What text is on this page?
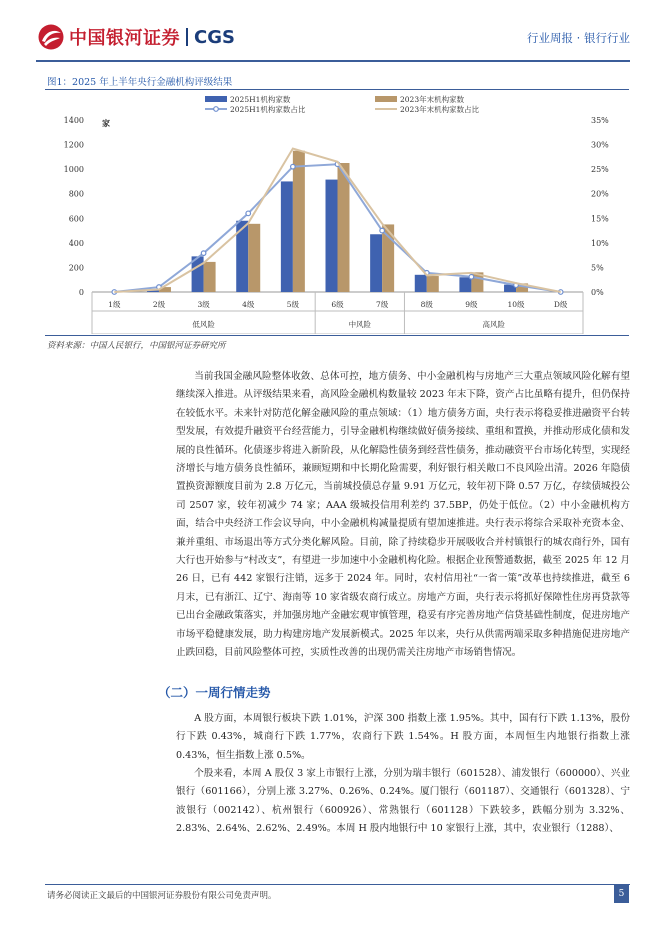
中国银河证券 CGS	行业周报 · 银行行业
图1：2025 年上半年央行金融机构评级结果
0
200
400
600
800
1000
1200
1400
0%
5%
10%
15%
20%
25%
30%
35%
家
1级	2级	3级	4级	5级	6级	7级	8级	9级	10级	D级
低风险	中风险	高风险
2025H1机构家数	2023年末机构家数
2025H1机构家数占比	2023年末机构家数占比
资料来源：中国人民银行，中国银河证券研究所

当前我国金融风险整体收敛、总体可控，地方债务、中小金融机构与房地产三大重点领域风险化解有望继续深入推进。从评级结果来看，高风险金融机构数量较 2023 年末下降，资产占比虽略有提升，但仍保持在较低水平。未来针对防范化解金融风险的重点领域：（1）地方债务方面，央行表示将稳妥推进融资平台转型发展，有效提升融资平台经营能力，引导金融机构继续做好债务接续、重组和置换，并推动形成化债和发展的良性循环。化债逐步将进入新阶段，从化解隐性债务到经营性债务，推动融资平台市场化转型，实现经济增长与地方债务良性循环，兼顾短期和中长期化险需要，利好银行相关敞口不良风险出清。2026 年隐债置换资源额度目前为 2.8 万亿元，当前城投债总存量 9.91 万亿元，较年初下降 0.57 万亿，存续债城投公司 2507 家，较年初减少 74 家；AAA 级城投信用利差约 37.5BP，仍处于低位。（2）中小金融机构方面，结合中央经济工作会议导向，中小金融机构减量提质有望加速推进。央行表示将综合采取补充资本金、兼并重组、市场退出等方式分类化解风险。目前，除了持续稳步开展吸收合并村镇银行的城农商行外，国有大行也开始参与“村改支”，有望进一步加速中小金融机构化险。根据企业预警通数据，截至 2025 年 12 月 26 日，已有 442 家银行注销，远多于 2024 年。同时，农村信用社“一省一策”改革也持续推进，截至 6 月末，已有浙江、辽宁、海南等 10 家省级农商行成立。房地产方面，央行表示将抓好保障性住房再贷款等已出台金融政策落实，并加强房地产金融宏观审慎管理，稳妥有序完善房地产信贷基础性制度，促进房地产市场平稳健康发展，助力构建房地产发展新模式。2025 年以来，央行从供需两端采取多种措施促进房地产止跌回稳，目前风险整体可控，实质性改善的出现仍需关注房地产市场销售情况。

（二）一周行情走势

A 股方面，本周银行板块下跌 1.01%，沪深 300 指数上涨 1.95%。其中，国有行下跌 1.13%，股份行下跌 0.43%，城商行下跌 1.77%，农商行下跌 1.54%。H 股方面，本周恒生内地银行指数上涨 0.43%，恒生指数上涨 0.5%。

个股来看，本周 A 股仅 3 家上市银行上涨，分别为瑞丰银行（601528）、浦发银行（600000）、兴业银行（601166），分别上涨 3.27%、0.26%、0.24%。厦门银行（601187）、交通银行（601328）、宁波银行（002142）、杭州银行（600926）、常熟银行（601128）下跌较多，跌幅分别为 3.32%、2.83%、2.64%、2.62%、2.49%。本周 H 股内地银行中 10 家银行上涨，其中，农业银行（1288）、

请务必阅读正文最后的中国银河证券股份有限公司免责声明。	5
